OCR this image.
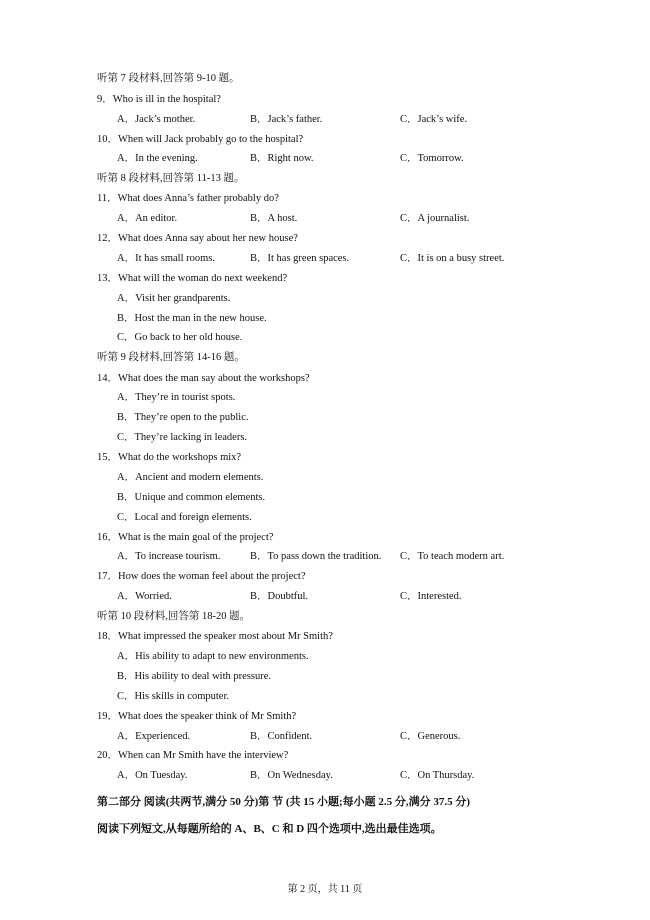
听第 7 段材料,回答第 9-10 题。
9．Who is ill in the hospital?
A．Jack’s mother.	B．Jack’s father.	C．Jack’s wife.
10．When will Jack probably go to the hospital?
A．In the evening.	B．Right now.	C．Tomorrow.
听第 8 段材料,回答第 11-13 题。
11．What does Anna’s father probably do?
A．An editor.	B．A host.	C．A journalist.
12．What does Anna say about her new house?
A．It has small rooms.	B．It has green spaces.	C．It is on a busy street.
13．What will the woman do next weekend?
A．Visit her grandparents.
B．Host the man in the new house.
C．Go back to her old house.
听第 9 段材料,回答第 14-16 题。
14．What does the man say about the workshops?
A．They’re in tourist spots.
B．They’re open to the public.
C．They’re lacking in leaders.
15．What do the workshops mix?
A．Ancient and modern elements.
B．Unique and common elements.
C．Local and foreign elements.
16．What is the main goal of the project?
A．To increase tourism.	B．To pass down the tradition. C．To teach modern art.
17．How does the woman feel about the project?
A．Worried.	B．Doubtful.	C．Interested.
听第 10 段材料,回答第 18-20 题。
18．What impressed the speaker most about Mr Smith?
A．His ability to adapt to new environments.
B．His ability to deal with pressure.
C．His skills in computer.
19．What does the speaker think of Mr Smith?
A．Experienced.	B．Confident.	C．Generous.
20．When can Mr Smith have the interview?
A．On Tuesday.	B．On Wednesday.	C．On Thursday.
第二部分 阅读(共两节,满分 50 分)第 节 (共 15 小题;每小题 2.5 分,满分 37.5 分)
阅读下列短文,从每题所给的 A、B、C 和 D 四个选项中,选出最佳选项。
第 2 页，共 11 页
